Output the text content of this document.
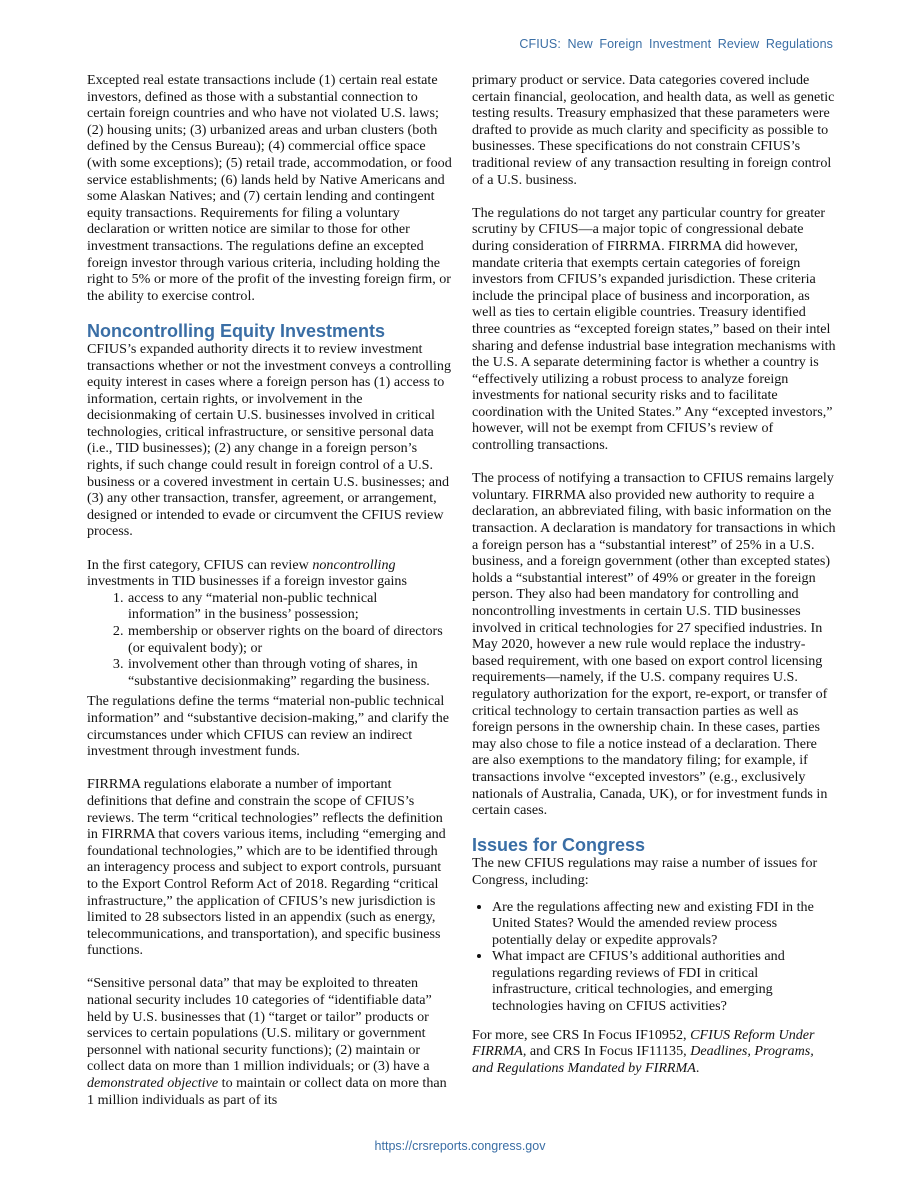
CFIUS: New Foreign Investment Review Regulations

Excepted real estate transactions include (1) certain real estate investors, defined as those with a substantial connection to certain foreign countries and who have not violated U.S. laws; (2) housing units; (3) urbanized areas and urban clusters (both defined by the Census Bureau); (4) commercial office space (with some exceptions); (5) retail trade, accommodation, or food service establishments; (6) lands held by Native Americans and some Alaskan Natives; and (7) certain lending and contingent equity transactions. Requirements for filing a voluntary declaration or written notice are similar to those for other investment transactions. The regulations define an excepted foreign investor through various criteria, including holding the right to 5% or more of the profit of the investing foreign firm, or the ability to exercise control.

Noncontrolling Equity Investments

CFIUS’s expanded authority directs it to review investment transactions whether or not the investment conveys a controlling equity interest in cases where a foreign person has (1) access to information, certain rights, or involvement in the decisionmaking of certain U.S. businesses involved in critical technologies, critical infrastructure, or sensitive personal data (i.e., TID businesses); (2) any change in a foreign person’s rights, if such change could result in foreign control of a U.S. business or a covered investment in certain U.S. businesses; and (3) any other transaction, transfer, agreement, or arrangement, designed or intended to evade or circumvent the CFIUS review process.

In the first category, CFIUS can review noncontrolling investments in TID businesses if a foreign investor gains

1. access to any “material non-public technical information” in the business’ possession;
2. membership or observer rights on the board of directors (or equivalent body); or
3. involvement other than through voting of shares, in “substantive decisionmaking” regarding the business.

The regulations define the terms “material non-public technical information” and “substantive decision-making,” and clarify the circumstances under which CFIUS can review an indirect investment through investment funds.

FIRRMA regulations elaborate a number of important definitions that define and constrain the scope of CFIUS’s reviews. The term “critical technologies” reflects the definition in FIRRMA that covers various items, including “emerging and foundational technologies,” which are to be identified through an interagency process and subject to export controls, pursuant to the Export Control Reform Act of 2018. Regarding “critical infrastructure,” the application of CFIUS’s new jurisdiction is limited to 28 subsectors listed in an appendix (such as energy, telecommunications, and transportation), and specific business functions.

“Sensitive personal data” that may be exploited to threaten national security includes 10 categories of “identifiable data” held by U.S. businesses that (1) “target or tailor” products or services to certain populations (U.S. military or government personnel with national security functions); (2) maintain or collect data on more than 1 million individuals; or (3) have a demonstrated objective to maintain or collect data on more than 1 million individuals as part of its

primary product or service. Data categories covered include certain financial, geolocation, and health data, as well as genetic testing results. Treasury emphasized that these parameters were drafted to provide as much clarity and specificity as possible to businesses. These specifications do not constrain CFIUS’s traditional review of any transaction resulting in foreign control of a U.S. business.

The regulations do not target any particular country for greater scrutiny by CFIUS—a major topic of congressional debate during consideration of FIRRMA. FIRRMA did however, mandate criteria that exempts certain categories of foreign investors from CFIUS’s expanded jurisdiction. These criteria include the principal place of business and incorporation, as well as ties to certain eligible countries. Treasury identified three countries as “excepted foreign states,” based on their intel sharing and defense industrial base integration mechanisms with the U.S. A separate determining factor is whether a country is “effectively utilizing a robust process to analyze foreign investments for national security risks and to facilitate coordination with the United States.” Any “excepted investors,” however, will not be exempt from CFIUS’s review of controlling transactions.

The process of notifying a transaction to CFIUS remains largely voluntary. FIRRMA also provided new authority to require a declaration, an abbreviated filing, with basic information on the transaction. A declaration is mandatory for transactions in which a foreign person has a “substantial interest” of 25% in a U.S. business, and a foreign government (other than excepted states) holds a “substantial interest” of 49% or greater in the foreign person. They also had been mandatory for controlling and noncontrolling investments in certain U.S. TID businesses involved in critical technologies for 27 specified industries. In May 2020, however a new rule would replace the industry-based requirement, with one based on export control licensing requirements—namely, if the U.S. company requires U.S. regulatory authorization for the export, re-export, or transfer of critical technology to certain transaction parties as well as foreign persons in the ownership chain. In these cases, parties may also chose to file a notice instead of a declaration. There are also exemptions to the mandatory filing; for example, if transactions involve “excepted investors” (e.g., exclusively nationals of Australia, Canada, UK), or for investment funds in certain cases.

Issues for Congress

The new CFIUS regulations may raise a number of issues for Congress, including:

• Are the regulations affecting new and existing FDI in the United States? Would the amended review process potentially delay or expedite approvals?
• What impact are CFIUS’s additional authorities and regulations regarding reviews of FDI in critical infrastructure, critical technologies, and emerging technologies having on CFIUS activities?

For more, see CRS In Focus IF10952, CFIUS Reform Under FIRRMA, and CRS In Focus IF11135, Deadlines, Programs, and Regulations Mandated by FIRRMA.

https://crsreports.congress.gov
